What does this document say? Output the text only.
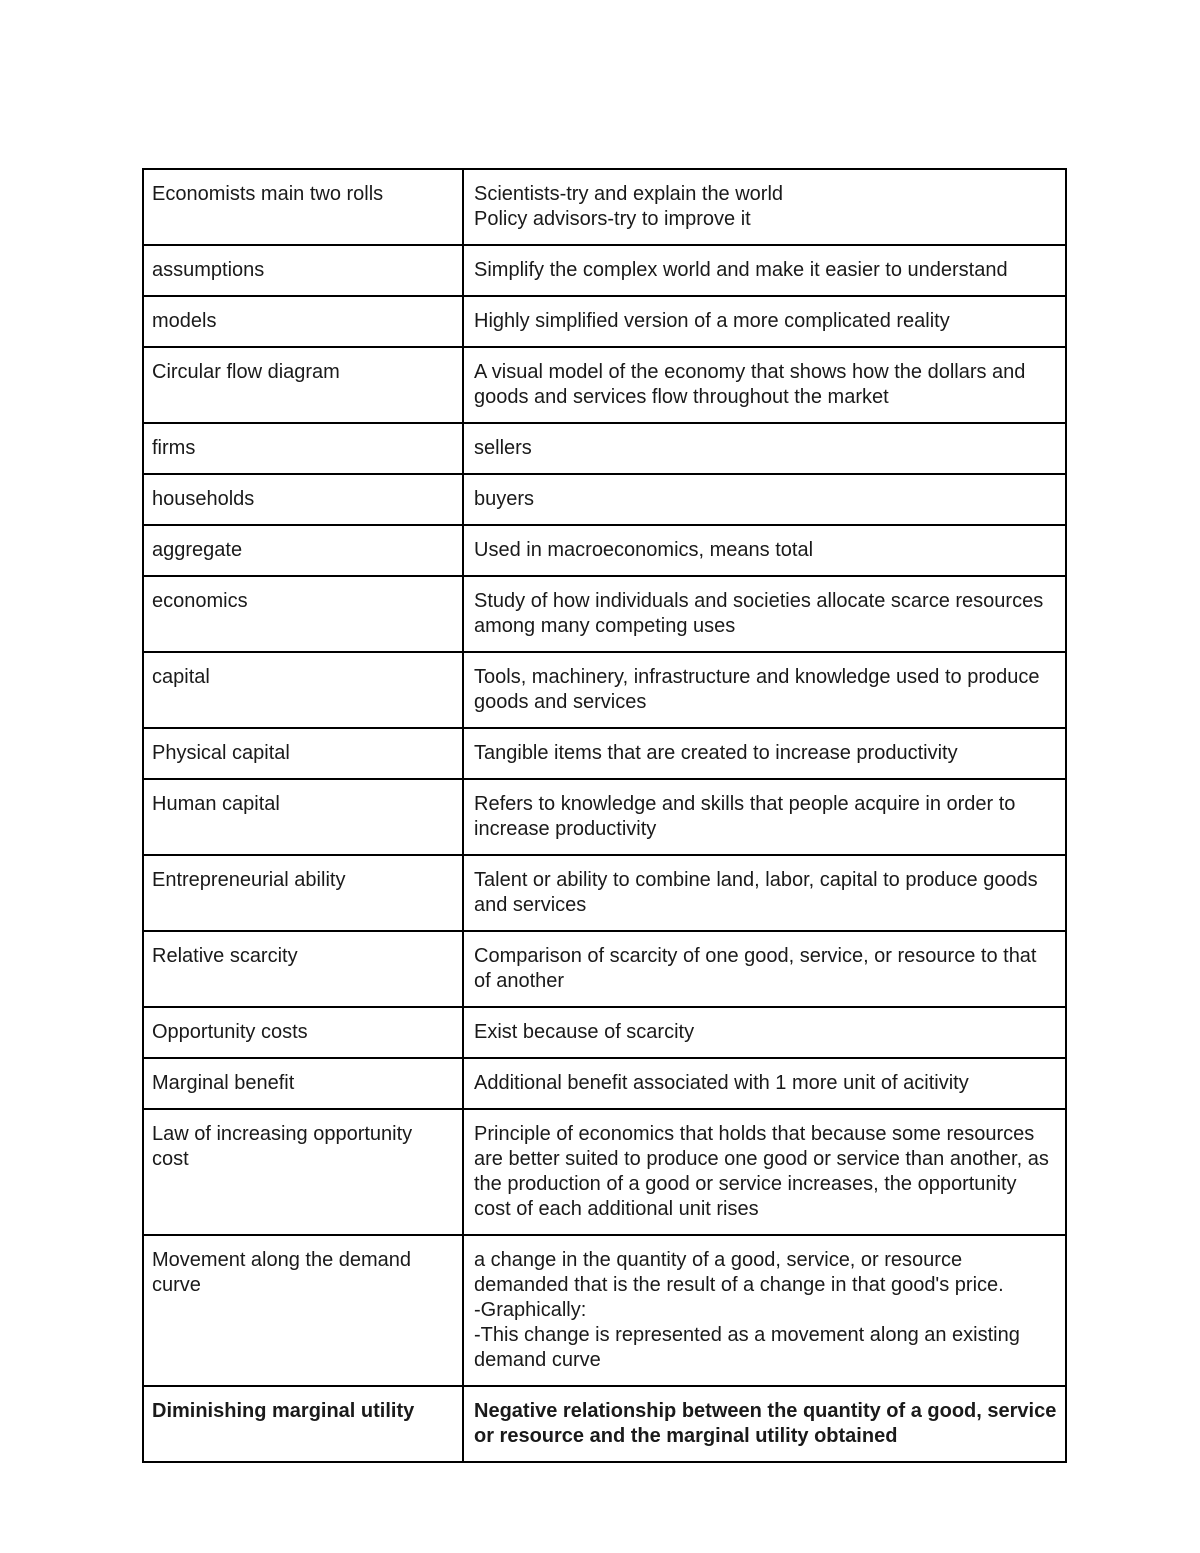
Economists main two rolls	Scientists-try and explain the world
Policy advisors-try to improve it
assumptions	Simplify the complex world and make it easier to understand
models	Highly simplified version of a more complicated reality
Circular flow diagram	A visual model of the economy that shows how the dollars and goods and services flow throughout the market
firms	sellers
households	buyers
aggregate	Used in macroeconomics, means total
economics	Study of how individuals and societies allocate scarce resources among many competing uses
capital	Tools, machinery, infrastructure and knowledge used to produce goods and services
Physical capital	Tangible items that are created to increase productivity
Human capital	Refers to knowledge and skills that people acquire in order to increase productivity
Entrepreneurial ability	Talent or ability to combine land, labor, capital to produce goods and services
Relative scarcity	Comparison of scarcity of one good, service, or resource to that of another
Opportunity costs	Exist because of scarcity
Marginal benefit	Additional benefit associated with 1 more unit of acitivity
Law of increasing opportunity cost	Principle of economics that holds that because some resources are better suited to produce one good or service than another, as the production of a good or service increases, the opportunity cost of each additional unit rises
Movement along the demand curve	a change in the quantity of a good, service, or resource demanded that is the result of a change in that good's price.
-Graphically:
-This change is represented as a movement along an existing demand curve
Diminishing marginal utility	Negative relationship between the quantity of a good, service or resource and the marginal utility obtained
